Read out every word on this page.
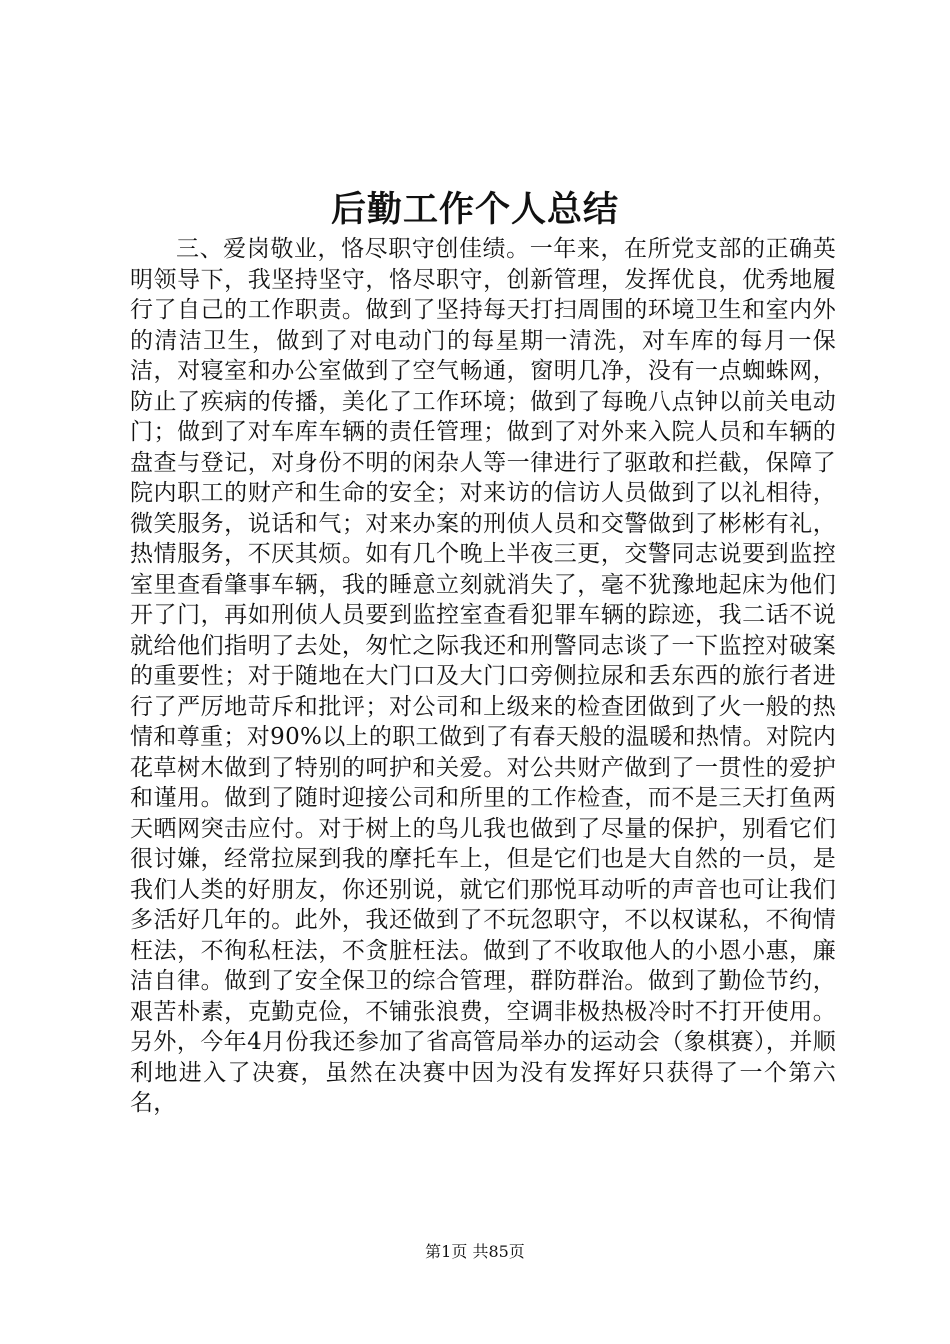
后勤工作个人总结

三、爱岗敬业，恪尽职守创佳绩。一年来，在所党支部的正确英明领导下，我坚持坚守，恪尽职守，创新管理，发挥优良，优秀地履行了自己的工作职责。做到了坚持每天打扫周围的环境卫生和室内外的清洁卫生，做到了对电动门的每星期一清洗，对车库的每月一保洁，对寝室和办公室做到了空气畅通，窗明几净，没有一点蜘蛛网，防止了疾病的传播，美化了工作环境；做到了每晚八点钟以前关电动门；做到了对车库车辆的责任管理；做到了对外来入院人员和车辆的盘查与登记，对身份不明的闲杂人等一律进行了驱敢和拦截，保障了院内职工的财产和生命的安全；对来访的信访人员做到了以礼相待，微笑服务，说话和气；对来办案的刑侦人员和交警做到了彬彬有礼，热情服务，不厌其烦。如有几个晚上半夜三更，交警同志说要到监控室里查看肇事车辆，我的睡意立刻就消失了，毫不犹豫地起床为他们开了门，再如刑侦人员要到监控室查看犯罪车辆的踪迹，我二话不说就给他们指明了去处，匆忙之际我还和刑警同志谈了一下监控对破案的重要性；对于随地在大门口及大门口旁侧拉尿和丢东西的旅行者进行了严厉地苛斥和批评；对公司和上级来的检查团做到了火一般的热情和尊重；对90%以上的职工做到了有春天般的温暖和热情。对院内花草树木做到了特别的呵护和关爱。对公共财产做到了一贯性的爱护和谨用。做到了随时迎接公司和所里的工作检查，而不是三天打鱼两天晒网突击应付。对于树上的鸟儿我也做到了尽量的保护，别看它们很讨嫌，经常拉屎到我的摩托车上，但是它们也是大自然的一员，是我们人类的好朋友，你还别说，就它们那悦耳动听的声音也可让我们多活好几年的。此外，我还做到了不玩忽职守，不以权谋私，不徇情枉法，不徇私枉法，不贪脏枉法。做到了不收取他人的小恩小惠，廉洁自律。做到了安全保卫的综合管理，群防群治。做到了勤俭节约，艰苦朴素，克勤克俭，不铺张浪费，空调非极热极冷时不打开使用。另外，今年4月份我还参加了省高管局举办的运动会（象棋赛），并顺利地进入了决赛，虽然在决赛中因为没有发挥好只获得了一个第六名，

第1页 共85页
